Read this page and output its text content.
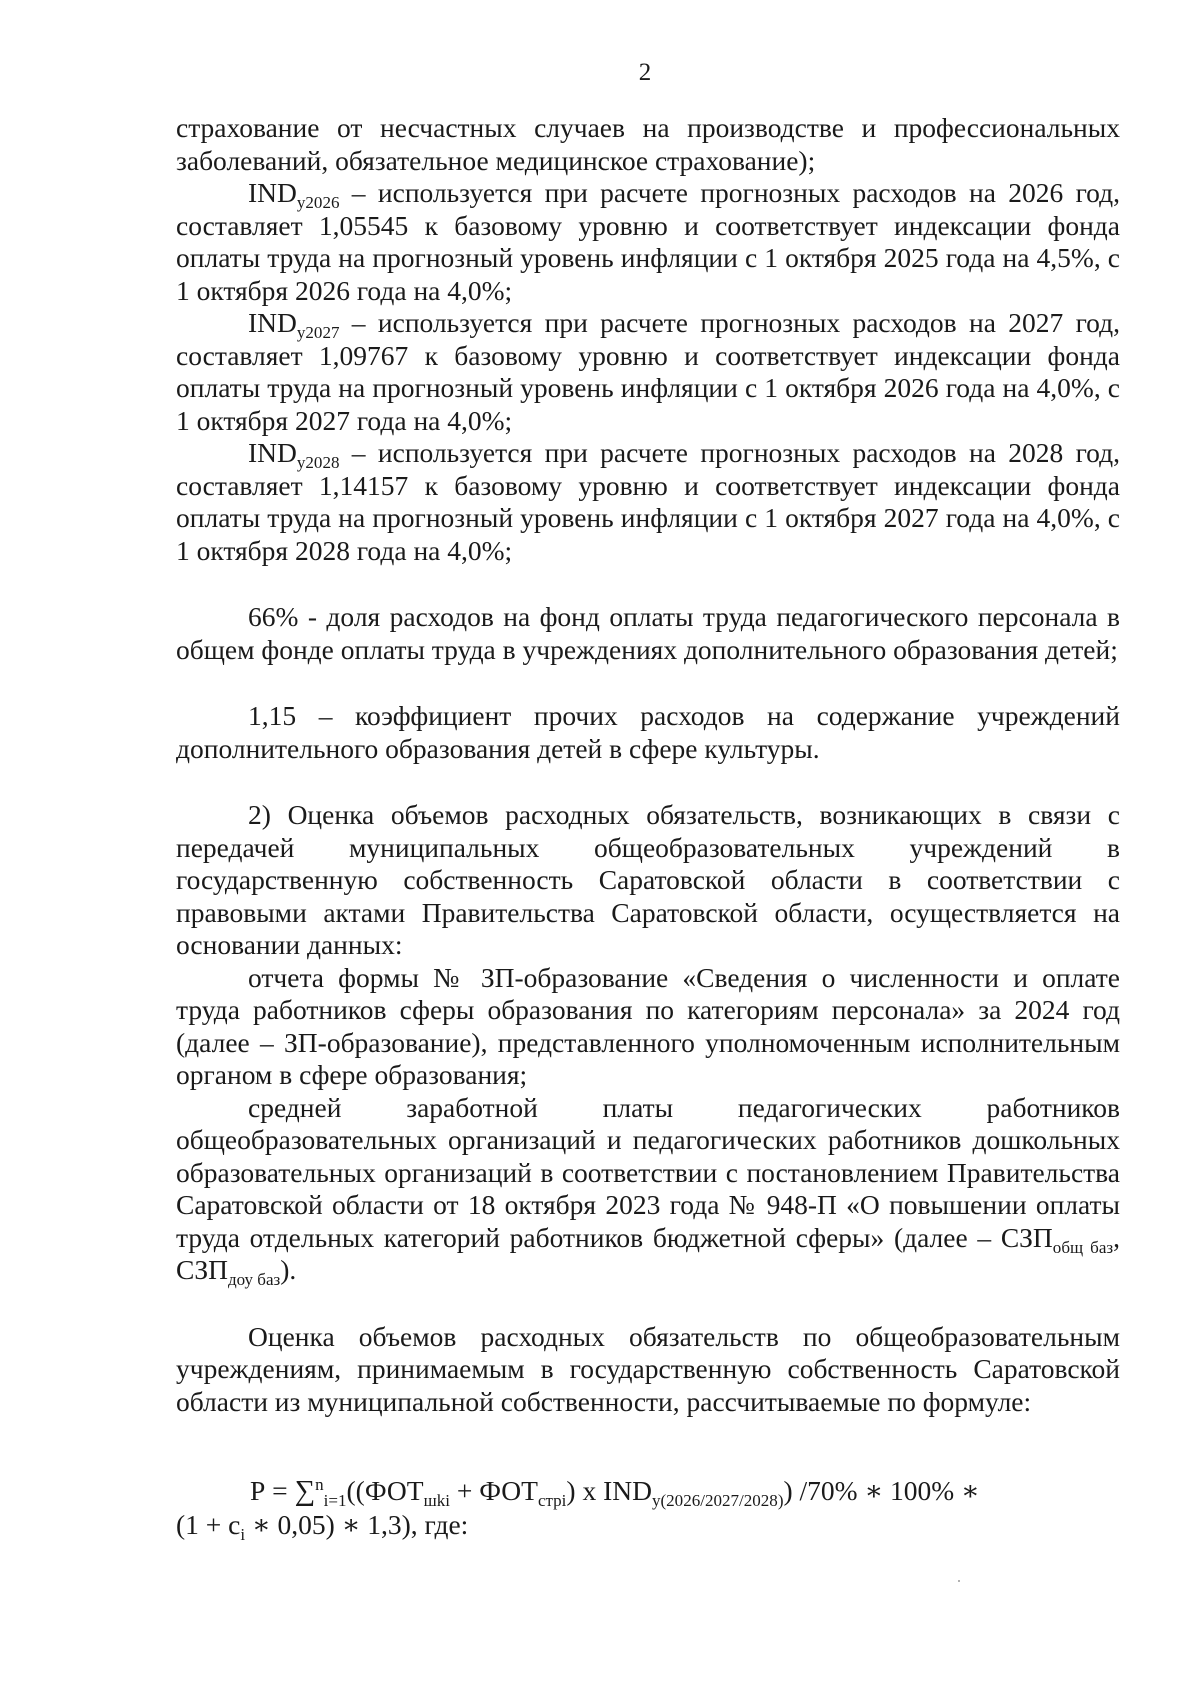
2

страхование от несчастных случаев на производстве и профессиональных заболеваний, обязательное медицинское страхование);

$IND_{y2026}$ – используется при расчете прогнозных расходов на 2026 год, составляет 1,05545 к базовому уровню и соответствует индексации фонда оплаты труда на прогнозный уровень инфляции с 1 октября 2025 года на 4,5%, с 1 октября 2026 года на 4,0%;

$IND_{y2027}$ – используется при расчете прогнозных расходов на 2027 год, составляет 1,09767 к базовому уровню и соответствует индексации фонда оплаты труда на прогнозный уровень инфляции с 1 октября 2026 года на 4,0%, с 1 октября 2027 года на 4,0%;

$IND_{y2028}$ – используется при расчете прогнозных расходов на 2028 год, составляет 1,14157 к базовому уровню и соответствует индексации фонда оплаты труда на прогнозный уровень инфляции с 1 октября 2027 года на 4,0%, с 1 октября 2028 года на 4,0%;

66% - доля расходов на фонд оплаты труда педагогического персонала в общем фонде оплаты труда в учреждениях дополнительного образования детей;

1,15 – коэффициент прочих расходов на содержание учреждений дополнительного образования детей в сфере культуры.

2) Оценка объемов расходных обязательств, возникающих в связи с передачей муниципальных общеобразовательных учреждений в государственную собственность Саратовской области в соответствии с правовыми актами Правительства Саратовской области, осуществляется на основании данных:

отчета формы № ЗП-образование «Сведения о численности и оплате труда работников сферы образования по категориям персонала» за 2024 год (далее – ЗП-образование), представленного уполномоченным исполнительным органом в сфере образования;

средней заработной платы педагогических работников общеобразовательных организаций и педагогических работников дошкольных образовательных организаций в соответствии с постановлением Правительства Саратовской области от 18 октября 2023 года № 948-П «О повышении оплаты труда отдельных категорий работников бюджетной сферы» (далее – $СЗП_{общ баз}$, $СЗП_{доу баз}$).

Оценка объемов расходных обязательств по общеобразовательным учреждениям, принимаемым в государственную собственность Саратовской области из муниципальной собственности, рассчитываемые по формуле:

$Р = \sum^n_{i=1}((ФОТ_{шki} + ФОТ_{стрi})$ x $IND_{y(2026/2027/2028)}$) /70% ∗ 100% ∗
($1 + c_i$ ∗ 0,05) ∗ 1,3), где:
